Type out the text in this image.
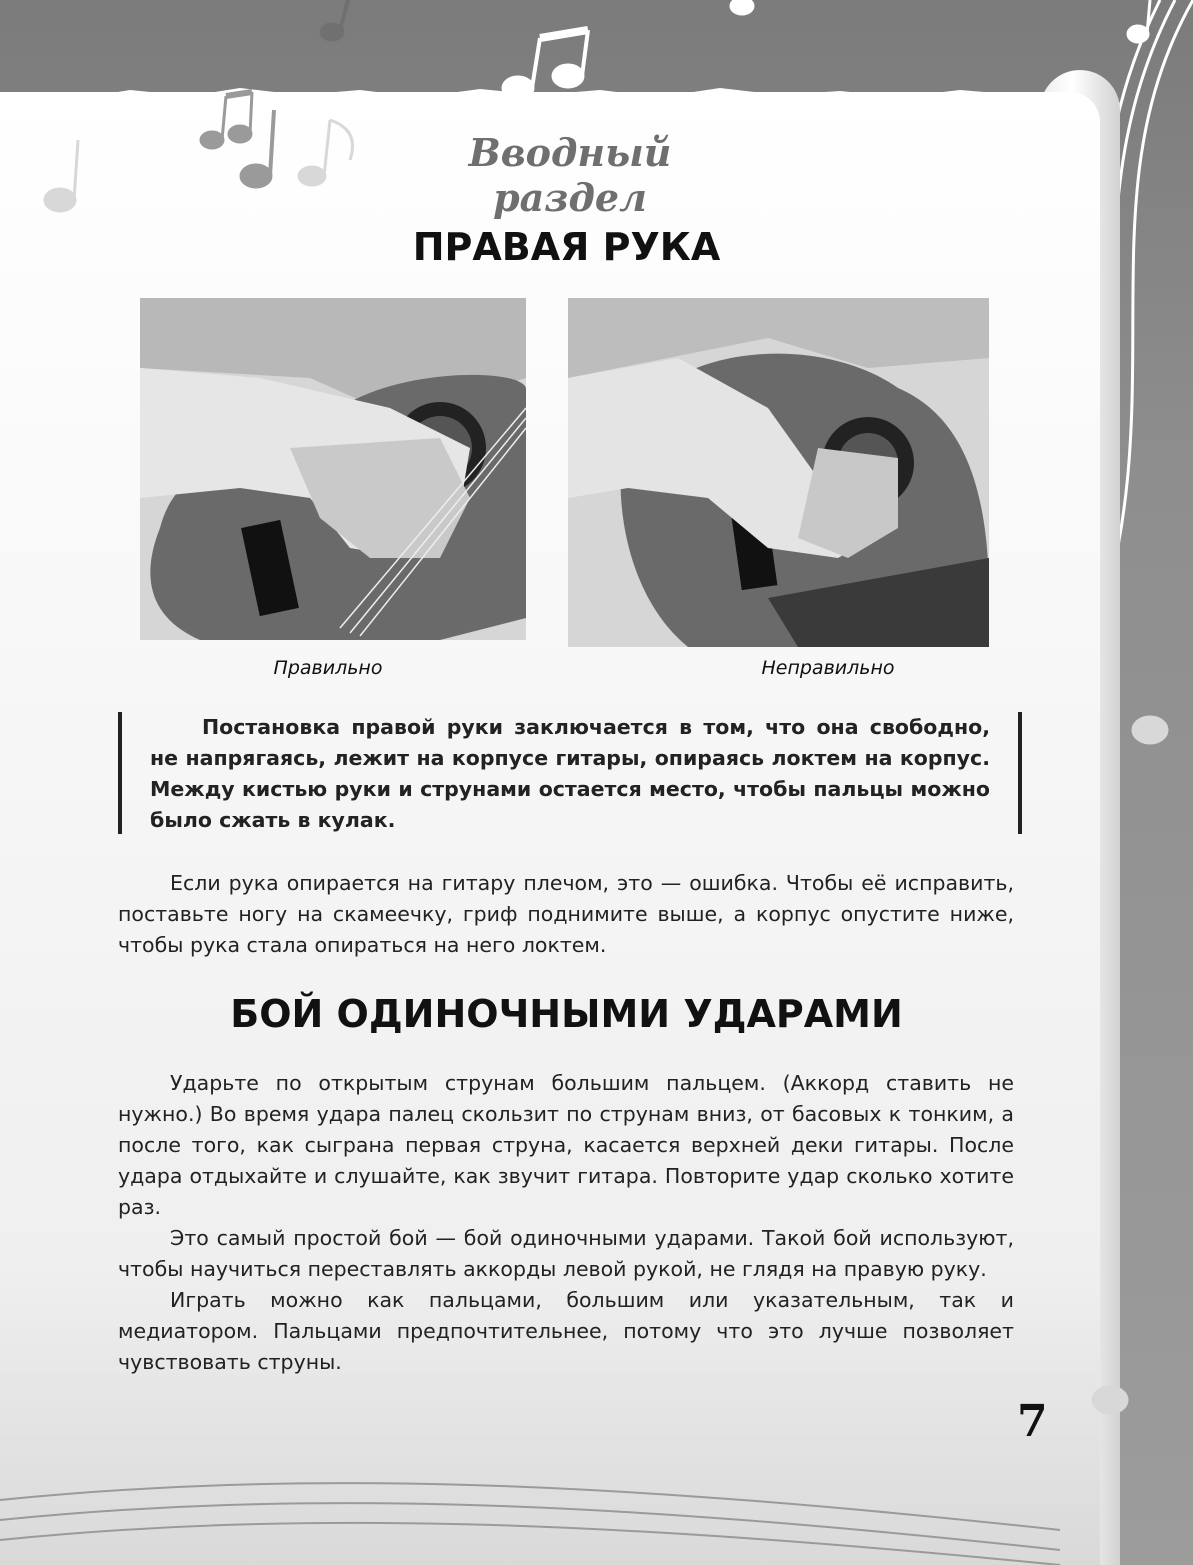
Вводный раздел
ПРАВАЯ РУКА
Правильно	Неправильно

Постановка правой руки заключается в том, что она свободно, не напрягаясь, лежит на корпусе гитары, опираясь локтем на корпус. Между кистью руки и струнами остается место, чтобы пальцы можно было сжать в кулак.

Если рука опирается на гитару плечом, это — ошибка. Чтобы её исправить, поставьте ногу на скамеечку, гриф поднимите выше, а корпус опустите ниже, чтобы рука стала опираться на него локтем.

БОЙ ОДИНОЧНЫМИ УДАРАМИ

Ударьте по открытым струнам большим пальцем. (Аккорд ставить не нужно.) Во время удара палец скользит по струнам вниз, от басовых к тонким, а после того, как сыграна первая струна, касается верхней деки гитары. После удара отдыхайте и слушайте, как звучит гитара. Повторите удар сколько хотите раз.

Это самый простой бой — бой одиночными ударами. Такой бой используют, чтобы научиться переставлять аккорды левой рукой, не глядя на правую руку.

Играть можно как пальцами, большим или указательным, так и медиатором. Пальцами предпочтительнее, потому что это лучше позволяет чувствовать струны.

7
